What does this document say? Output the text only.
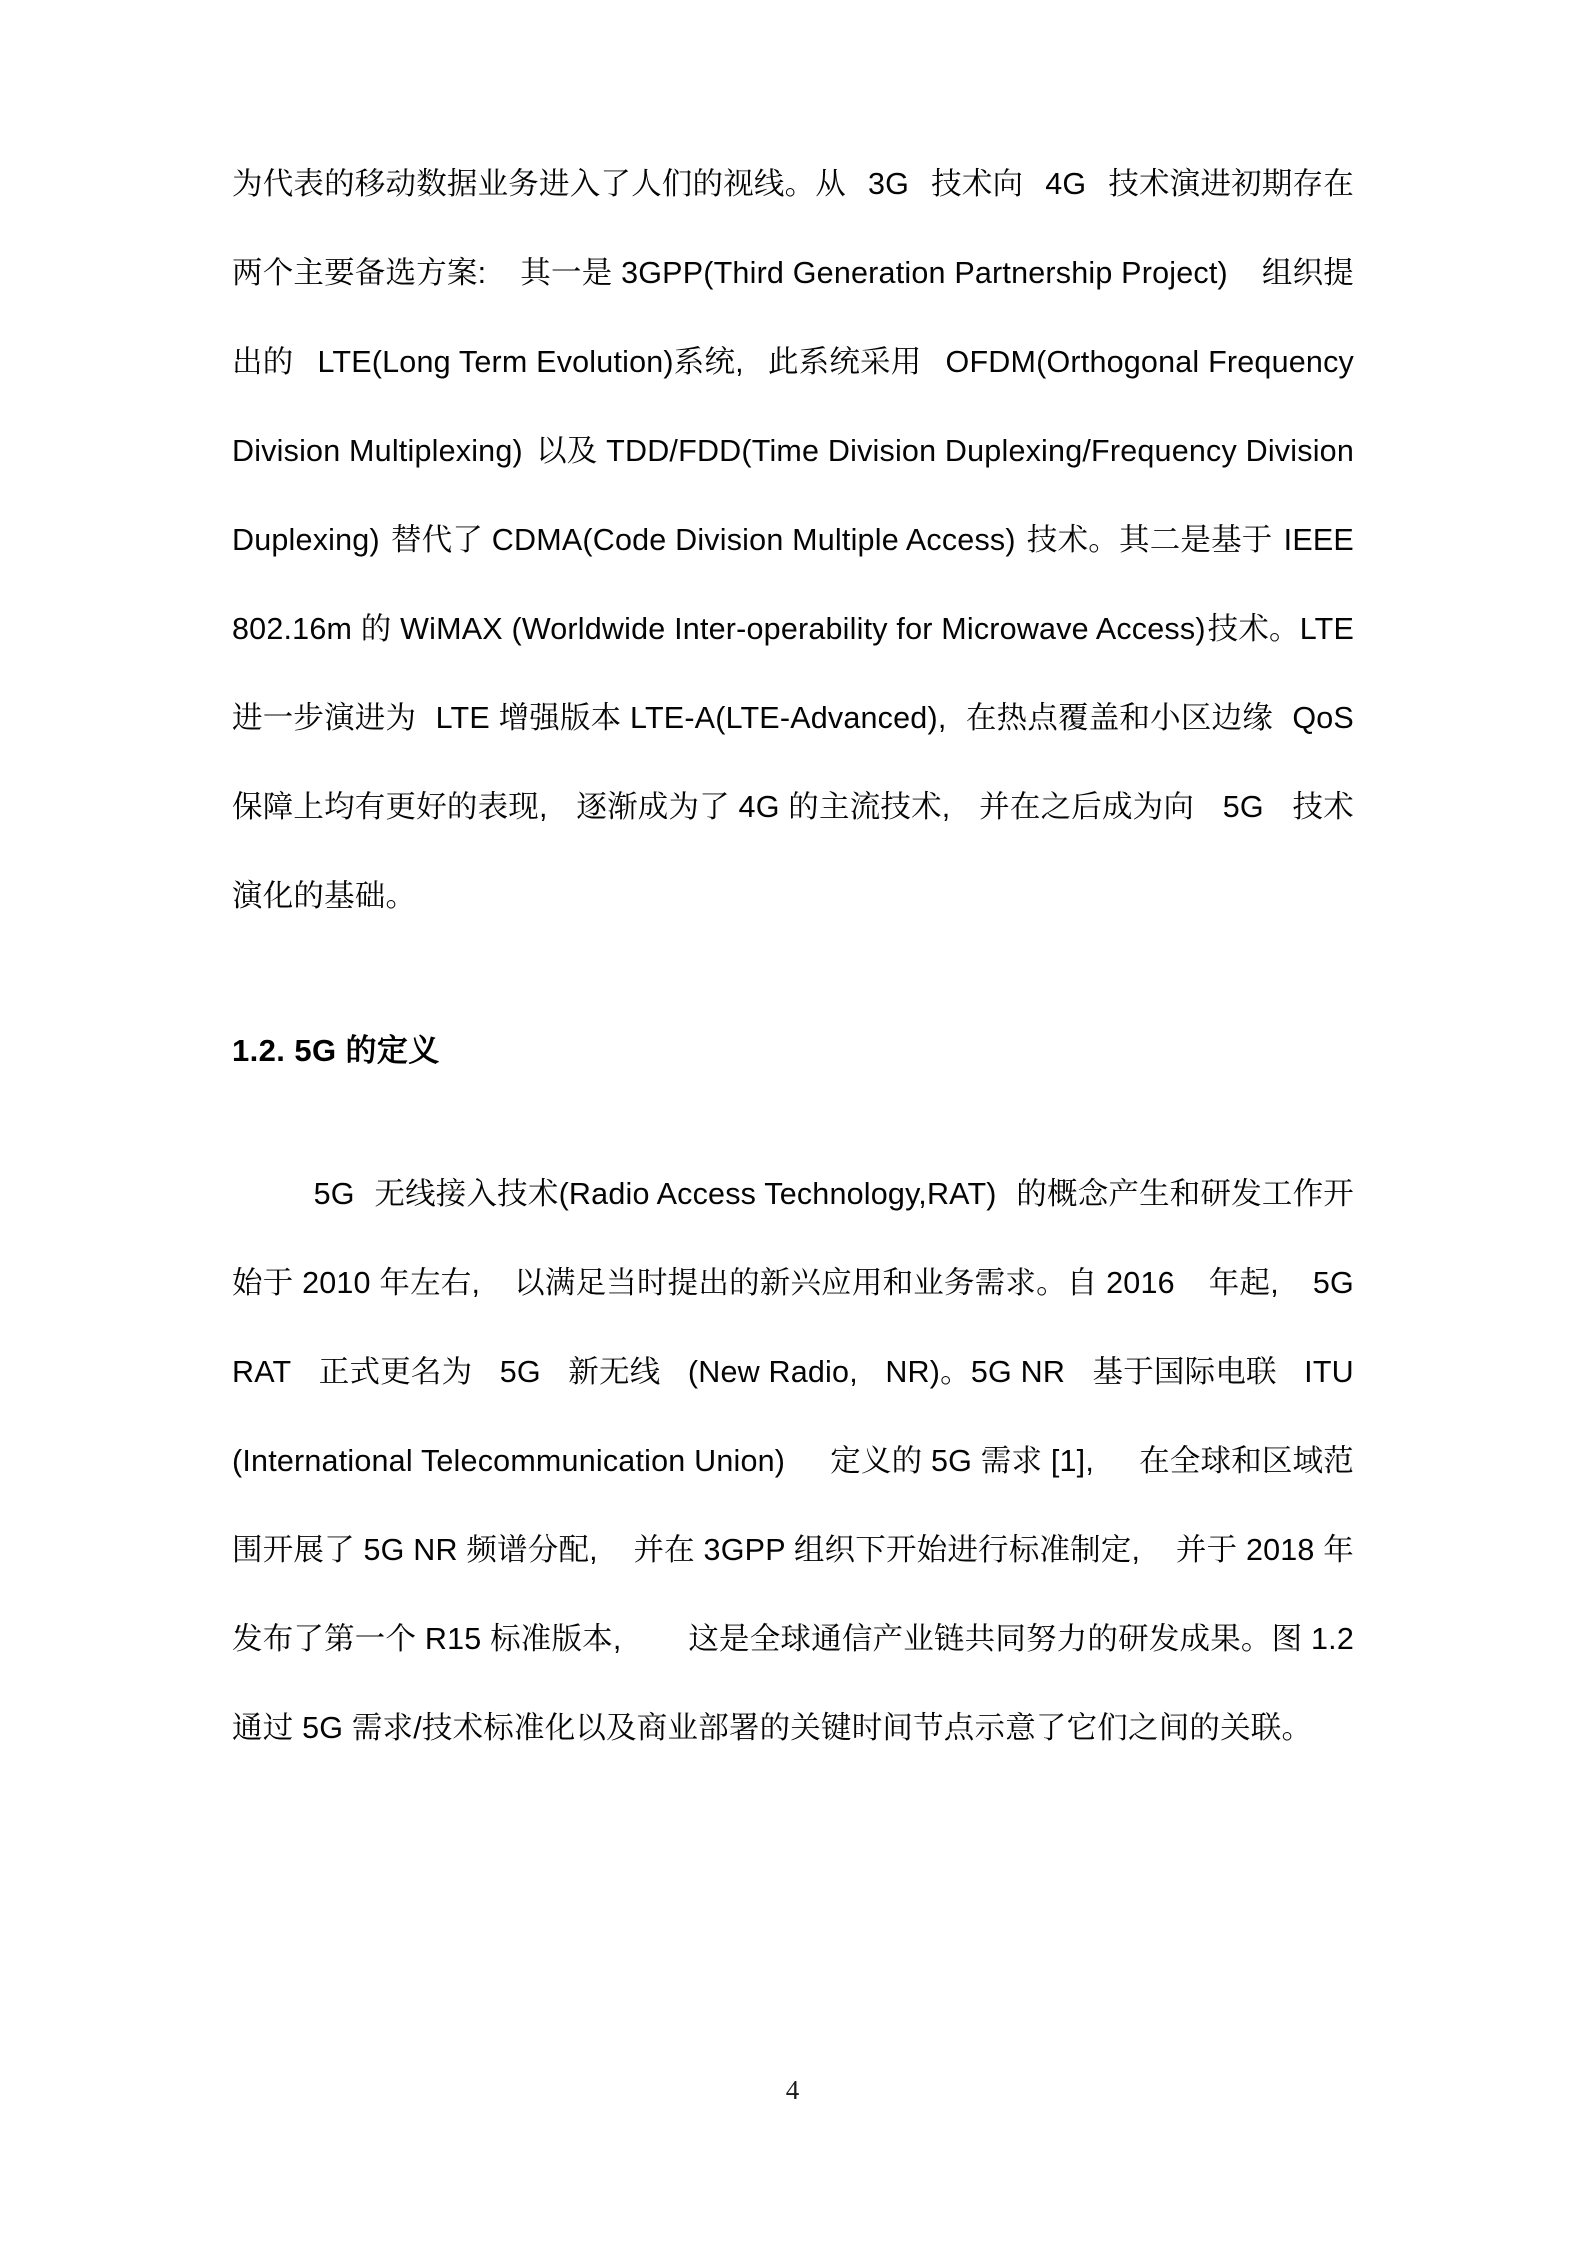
为代表的移动数据业务进入了人们的视线。从 3G 技术向 4G 技术演进初期存在
两个主要备选方案: 其一是 3GPP(Third Generation Partnership Project) 组织提
出的 LTE(Long Term Evolution)系统, 此系统采用 OFDM(Orthogonal Frequency
Division Multiplexing) 以及 TDD/FDD(Time Division Duplexing/Frequency Division
Duplexing) 替代了 CDMA(Code Division Multiple Access) 技术。其二是基于 IEEE
802.16m 的 WiMAX (Worldwide Inter-operability for Microwave Access) 技术。LTE
进一步演进为 LTE 增强版本 LTE-A(LTE-Advanced), 在热点覆盖和小区边缘 QoS
保障上均有更好的表现, 逐渐成为了 4G 的主流技术, 并在之后成为向 5G 技术
演化的基础。
1.2. 5G 的定义
5G 无线接入技术(Radio Access Technology,RAT) 的概念产生和研发工作开
始于 2010 年左右, 以满足当时提出的新兴应用和业务需求。自 2016 年起, 5G
RAT 正式更名为 5G 新无线 (New Radio, NR)。5G NR 基于国际电联 ITU
(International Telecommunication Union) 定义的 5G 需求 [1], 在全球和区域范
围开展了 5G NR 频谱分配, 并在 3GPP 组织下开始进行标准制定, 并于 2018 年
发布了第一个 R15 标准版本, 这是全球通信产业链共同努力的研发成果。图 1.2
通过 5G 需求/技术标准化以及商业部署的关键时间节点示意了它们之间的关联。
4
